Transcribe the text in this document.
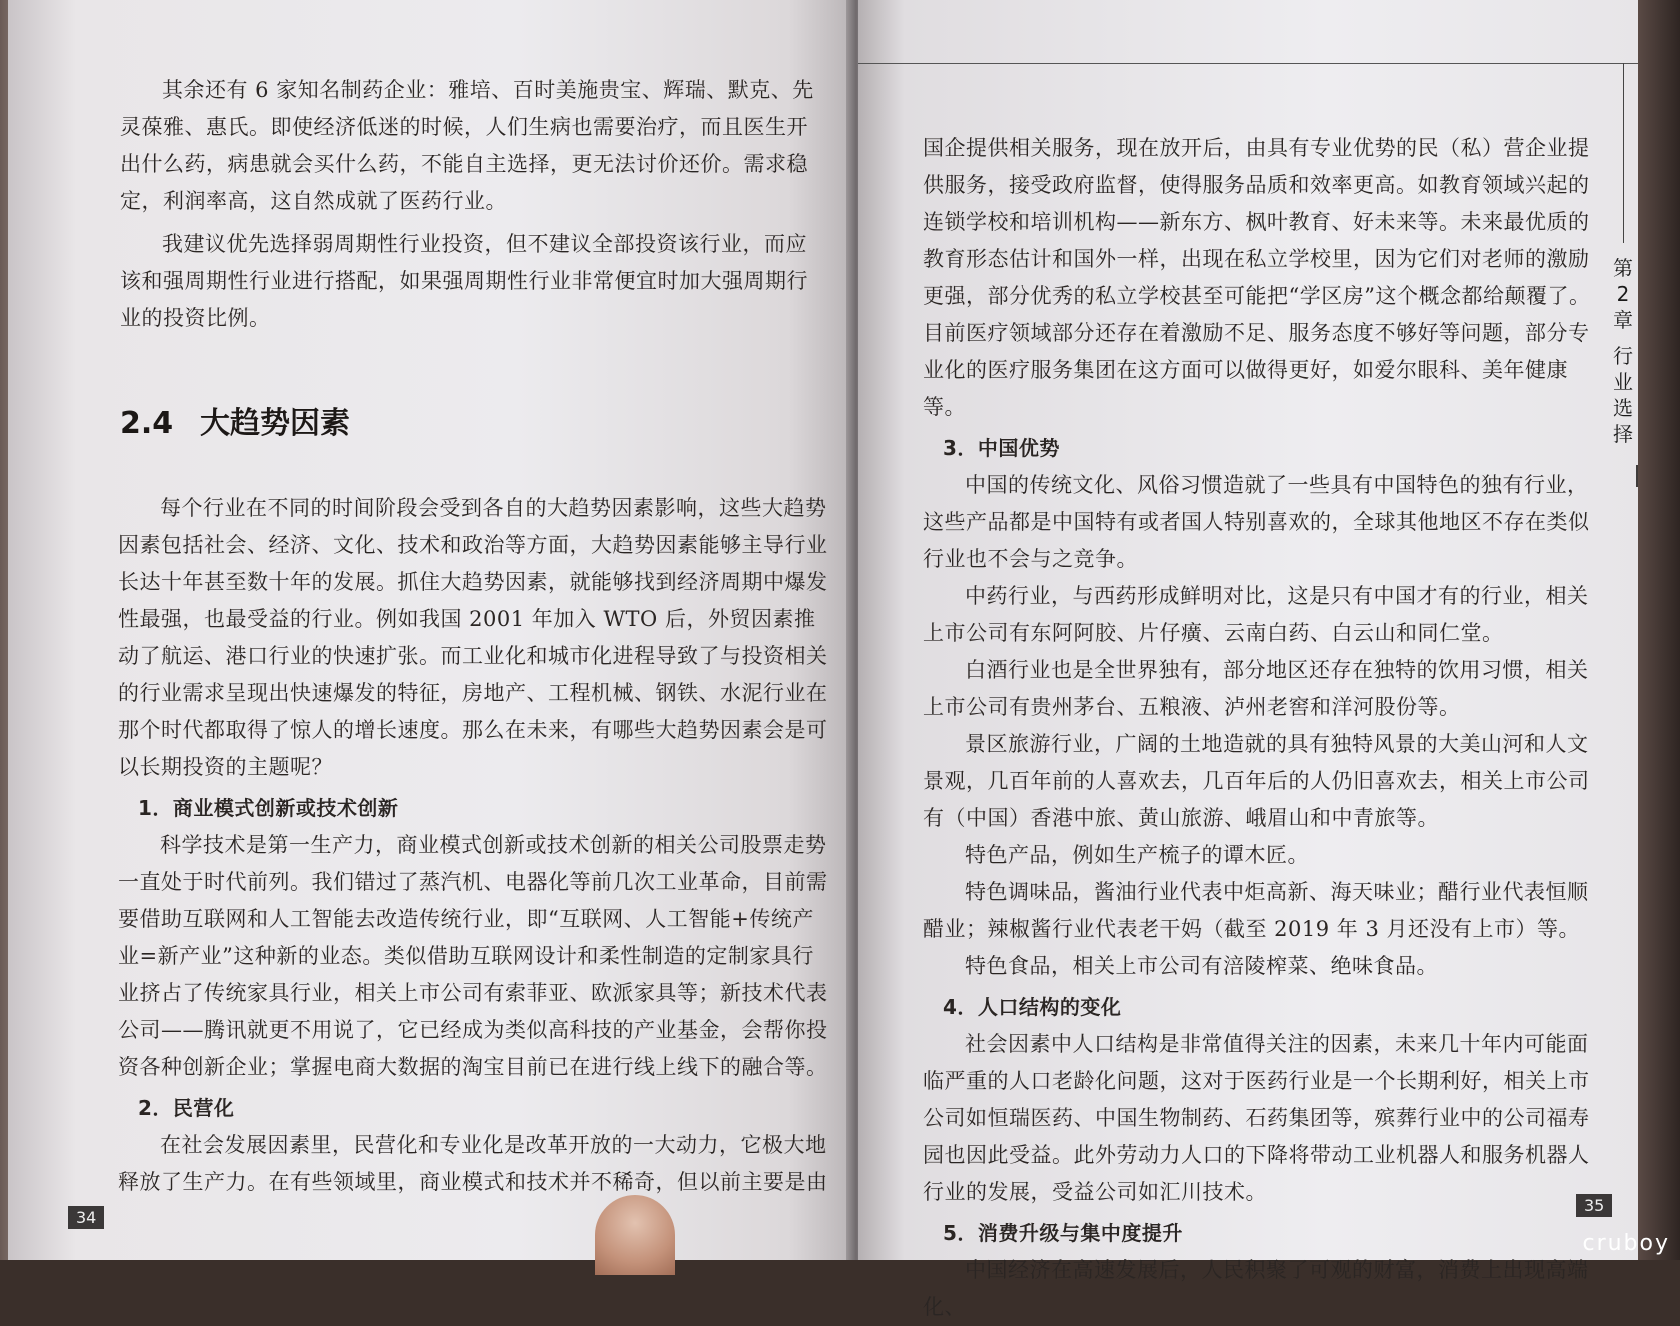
其余还有 6 家知名制药企业：雅培、百时美施贵宝、辉瑞、默克、先灵葆雅、惠氏。即使经济低迷的时候，人们生病也需要治疗，而且医生开出什么药，病患就会买什么药，不能自主选择，更无法讨价还价。需求稳定，利润率高，这自然成就了医药行业。

我建议优先选择弱周期性行业投资，但不建议全部投资该行业，而应该和强周期性行业进行搭配，如果强周期性行业非常便宜时加大强周期行业的投资比例。

2.4 大趋势因素

每个行业在不同的时间阶段会受到各自的大趋势因素影响，这些大趋势因素包括社会、经济、文化、技术和政治等方面，大趋势因素能够主导行业长达十年甚至数十年的发展。抓住大趋势因素，就能够找到经济周期中爆发性最强，也最受益的行业。例如我国 2001 年加入 WTO 后，外贸因素推动了航运、港口行业的快速扩张。而工业化和城市化进程导致了与投资相关的行业需求呈现出快速爆发的特征，房地产、工程机械、钢铁、水泥行业在那个时代都取得了惊人的增长速度。那么在未来，有哪些大趋势因素会是可以长期投资的主题呢？

1．商业模式创新或技术创新

科学技术是第一生产力，商业模式创新或技术创新的相关公司股票走势一直处于时代前列。我们错过了蒸汽机、电器化等前几次工业革命，目前需要借助互联网和人工智能去改造传统行业，即“互联网、人工智能+传统产业=新产业”这种新的业态。类似借助互联网设计和柔性制造的定制家具行业挤占了传统家具行业，相关上市公司有索菲亚、欧派家具等；新技术代表公司——腾讯就更不用说了，它已经成为类似高科技的产业基金，会帮你投资各种创新企业；掌握电商大数据的淘宝目前已在进行线上线下的融合等。

2．民营化

在社会发展因素里，民营化和专业化是改革开放的一大动力，它极大地释放了生产力。在有些领域里，商业模式和技术并不稀奇，但以前主要是由

34

国企提供相关服务，现在放开后，由具有专业优势的民（私）营企业提供服务，接受政府监督，使得服务品质和效率更高。如教育领域兴起的连锁学校和培训机构——新东方、枫叶教育、好未来等。未来最优质的教育形态估计和国外一样，出现在私立学校里，因为它们对老师的激励更强，部分优秀的私立学校甚至可能把“学区房”这个概念都给颠覆了。目前医疗领域部分还存在着激励不足、服务态度不够好等问题，部分专业化的医疗服务集团在这方面可以做得更好，如爱尔眼科、美年健康等。

3．中国优势

中国的传统文化、风俗习惯造就了一些具有中国特色的独有行业，这些产品都是中国特有或者国人特别喜欢的，全球其他地区不存在类似行业也不会与之竞争。

中药行业，与西药形成鲜明对比，这是只有中国才有的行业，相关上市公司有东阿阿胶、片仔癀、云南白药、白云山和同仁堂。

白酒行业也是全世界独有，部分地区还存在独特的饮用习惯，相关上市公司有贵州茅台、五粮液、泸州老窖和洋河股份等。

景区旅游行业，广阔的土地造就的具有独特风景的大美山河和人文景观，几百年前的人喜欢去，几百年后的人仍旧喜欢去，相关上市公司有（中国）香港中旅、黄山旅游、峨眉山和中青旅等。

特色产品，例如生产梳子的谭木匠。

特色调味品，酱油行业代表中炬高新、海天味业；醋行业代表恒顺醋业；辣椒酱行业代表老干妈（截至 2019 年 3 月还没有上市）等。

特色食品，相关上市公司有涪陵榨菜、绝味食品。

4．人口结构的变化

社会因素中人口结构是非常值得关注的因素，未来几十年内可能面临严重的人口老龄化问题，这对于医药行业是一个长期利好，相关上市公司如恒瑞医药、中国生物制药、石药集团等，殡葬行业中的公司福寿园也因此受益。此外劳动力人口的下降将带动工业机器人和服务机器人行业的发展，受益公司如汇川技术。

5．消费升级与集中度提升

中国经济在高速发展后，人民积聚了可观的财富，消费上出现高端化、

第2章
行业选择
35
cruboy
